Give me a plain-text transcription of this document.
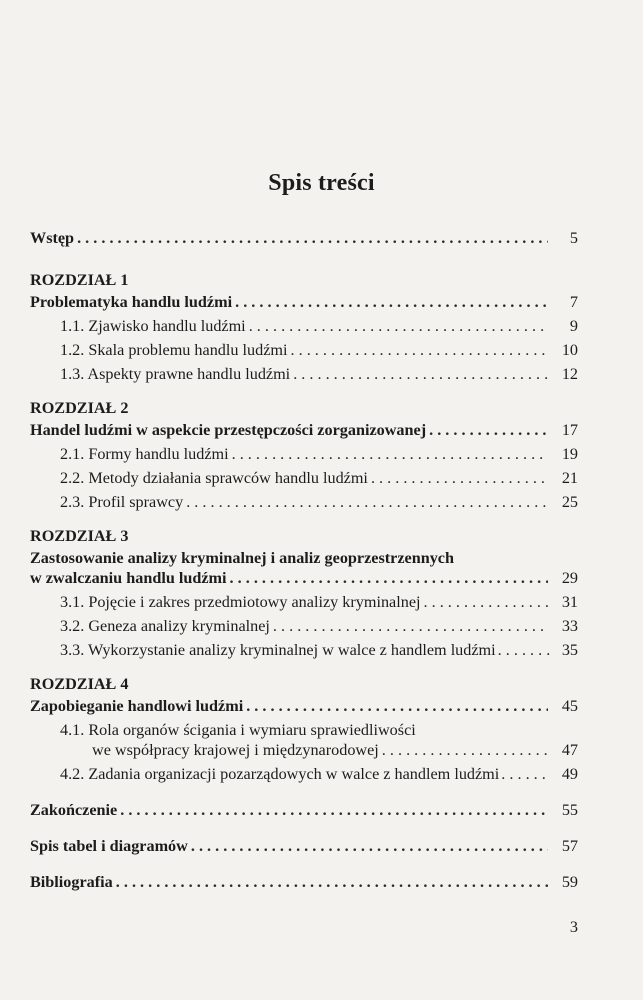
Spis treści
Wstęp . . .	5
ROZDZIAŁ 1
Problematyka handlu ludźmi . . .	7
1.1. Zjawisko handlu ludźmi . . .	9
1.2. Skala problemu handlu ludźmi . . .	10
1.3. Aspekty prawne handlu ludźmi . . .	12
ROZDZIAŁ 2
Handel ludźmi w aspekcie przestępczości zorganizowanej . . .	17
2.1. Formy handlu ludźmi . . .	19
2.2. Metody działania sprawców handlu ludźmi . . .	21
2.3. Profil sprawcy . . .	25
ROZDZIAŁ 3
Zastosowanie analizy kryminalnej i analiz geoprzestrzennych
w zwalczaniu handlu ludźmi . . .	29
3.1. Pojęcie i zakres przedmiotowy analizy kryminalnej . . .	31
3.2. Geneza analizy kryminalnej . . .	33
3.3. Wykorzystanie analizy kryminalnej w walce z handlem ludźmi . . .	35
ROZDZIAŁ 4
Zapobieganie handlowi ludźmi . . .	45
4.1. Rola organów ścigania i wymiaru sprawiedliwości
we współpracy krajowej i międzynarodowej . . .	47
4.2. Zadania organizacji pozarządowych w walce z handlem ludźmi . . .	49
Zakończenie . . .	55
Spis tabel i diagramów . . .	57
Bibliografia . . .	59
3
